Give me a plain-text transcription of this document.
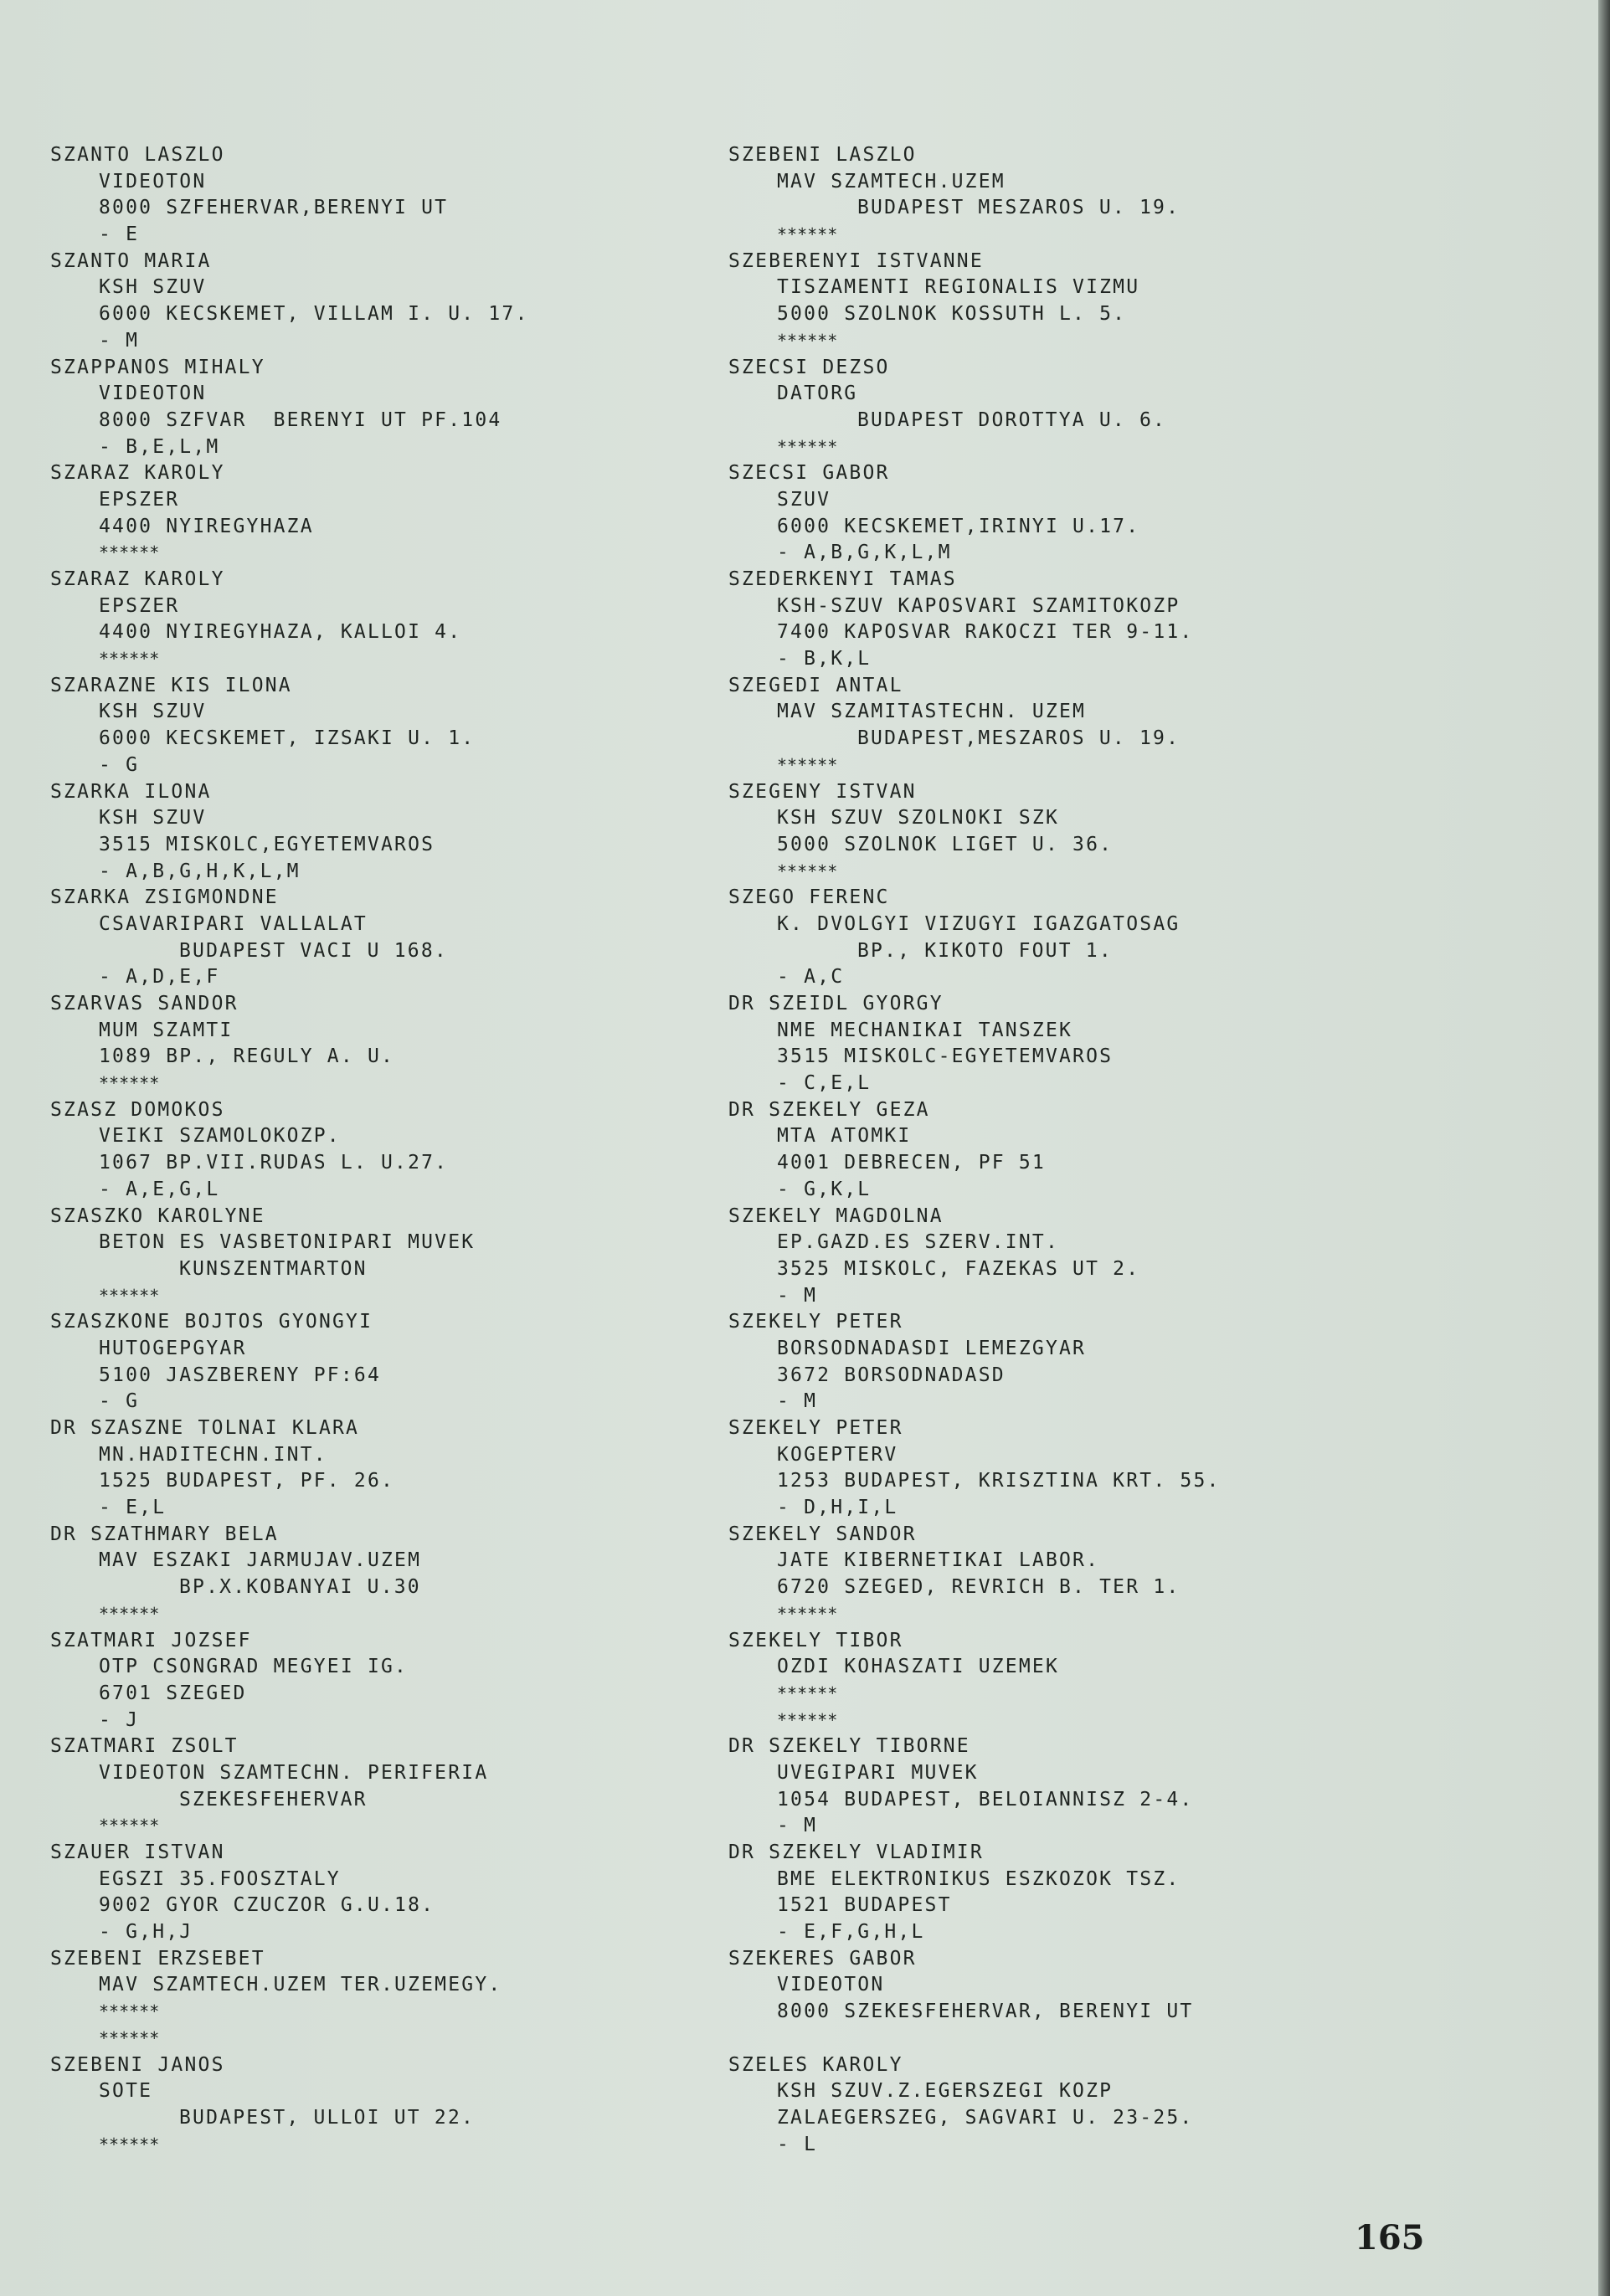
SZANTO LASZLO
VIDEOTON
8000 SZFEHERVAR,BERENYI UT
- E
SZANTO MARIA
KSH SZUV
6000 KECSKEMET, VILLAM I. U. 17.
- M
SZAPPANOS MIHALY
VIDEOTON
8000 SZFVAR  BERENYI UT PF.104
- B,E,L,M
SZARAZ KAROLY
EPSZER
4400 NYIREGYHAZA
******
SZARAZ KAROLY
EPSZER
4400 NYIREGYHAZA, KALLOI 4.
******
SZARAZNE KIS ILONA
KSH SZUV
6000 KECSKEMET, IZSAKI U. 1.
- G
SZARKA ILONA
KSH SZUV
3515 MISKOLC,EGYETEMVAROS
- A,B,G,H,K,L,M
SZARKA ZSIGMONDNE
CSAVARIPARI VALLALAT
BUDAPEST VACI U 168.
- A,D,E,F
SZARVAS SANDOR
MUM SZAMTI
1089 BP., REGULY A. U.
******
SZASZ DOMOKOS
VEIKI SZAMOLOKOZP.
1067 BP.VII.RUDAS L. U.27.
- A,E,G,L
SZASZKO KAROLYNE
BETON ES VASBETONIPARI MUVEK
KUNSZENTMARTON
******
SZASZKONE BOJTOS GYONGYI
HUTOGEPGYAR
5100 JASZBERENY PF:64
- G
DR SZASZNE TOLNAI KLARA
MN.HADITECHN.INT.
1525 BUDAPEST, PF. 26.
- E,L
DR SZATHMARY BELA
MAV ESZAKI JARMUJAV.UZEM
BP.X.KOBANYAI U.30
******
SZATMARI JOZSEF
OTP CSONGRAD MEGYEI IG.
6701 SZEGED
- J
SZATMARI ZSOLT
VIDEOTON SZAMTECHN. PERIFERIA
SZEKESFEHERVAR
******
SZAUER ISTVAN
EGSZI 35.FOOSZTALY
9002 GYOR CZUCZOR G.U.18.
- G,H,J
SZEBENI ERZSEBET
MAV SZAMTECH.UZEM TER.UZEMEGY.
******
******
SZEBENI JANOS
SOTE
BUDAPEST, ULLOI UT 22.
******
SZEBENI LASZLO
MAV SZAMTECH.UZEM
BUDAPEST MESZAROS U. 19.
******
SZEBERENYI ISTVANNE
TISZAMENTI REGIONALIS VIZMU
5000 SZOLNOK KOSSUTH L. 5.
******
SZECSI DEZSO
DATORG
BUDAPEST DOROTTYA U. 6.
******
SZECSI GABOR
SZUV
6000 KECSKEMET,IRINYI U.17.
- A,B,G,K,L,M
SZEDERKENYI TAMAS
KSH-SZUV KAPOSVARI SZAMITOKOZP
7400 KAPOSVAR RAKOCZI TER 9-11.
- B,K,L
SZEGEDI ANTAL
MAV SZAMITASTECHN. UZEM
BUDAPEST,MESZAROS U. 19.
******
SZEGENY ISTVAN
KSH SZUV SZOLNOKI SZK
5000 SZOLNOK LIGET U. 36.
******
SZEGO FERENC
K. DVOLGYI VIZUGYI IGAZGATOSAG
BP., KIKOTO FOUT 1.
- A,C
DR SZEIDL GYORGY
NME MECHANIKAI TANSZEK
3515 MISKOLC-EGYETEMVAROS
- C,E,L
DR SZEKELY GEZA
MTA ATOMKI
4001 DEBRECEN, PF 51
- G,K,L
SZEKELY MAGDOLNA
EP.GAZD.ES SZERV.INT.
3525 MISKOLC, FAZEKAS UT 2.
- M
SZEKELY PETER
BORSODNADASDI LEMEZGYAR
3672 BORSODNADASD
- M
SZEKELY PETER
KOGEPTERV
1253 BUDAPEST, KRISZTINA KRT. 55.
- D,H,I,L
SZEKELY SANDOR
JATE KIBERNETIKAI LABOR.
6720 SZEGED, REVRICH B. TER 1.
******
SZEKELY TIBOR
OZDI KOHASZATI UZEMEK
******
******
DR SZEKELY TIBORNE
UVEGIPARI MUVEK
1054 BUDAPEST, BELOIANNISZ 2-4.
- M
DR SZEKELY VLADIMIR
BME ELEKTRONIKUS ESZKOZOK TSZ.
1521 BUDAPEST
- E,F,G,H,L
SZEKERES GABOR
VIDEOTON
8000 SZEKESFEHERVAR, BERENYI UT
SZELES KAROLY
KSH SZUV.Z.EGERSZEGI KOZP
ZALAEGERSZEG, SAGVARI U. 23-25.
- L
165
